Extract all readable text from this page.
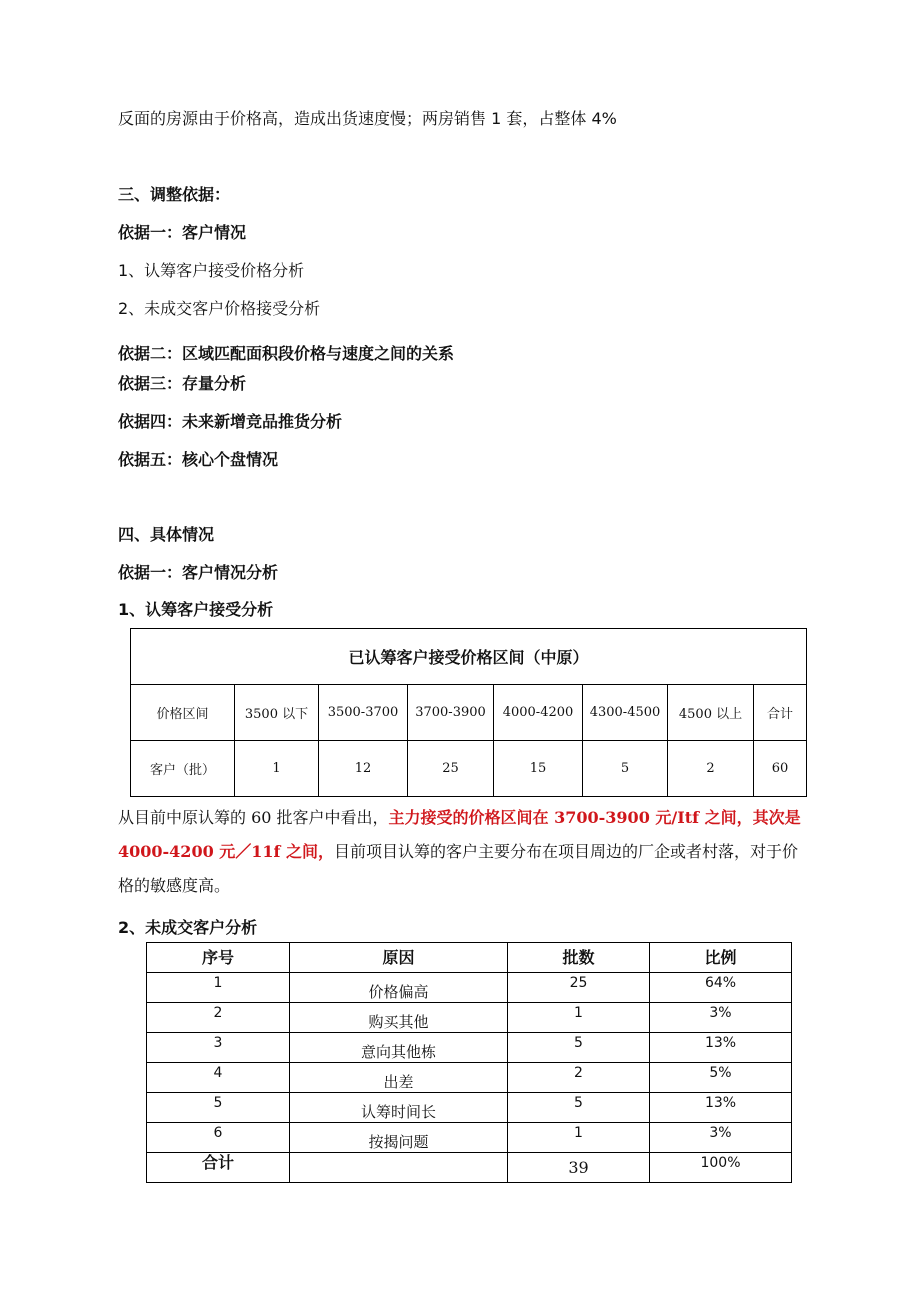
反面的房源由于价格高，造成出货速度慢；两房销售 1 套，占整体 4%
三、调整依据：
依据一：客户情况
1、认筹客户接受价格分析
2、未成交客户价格接受分析
依据二：区域匹配面积段价格与速度之间的关系
依据三：存量分析
依据四：未来新增竞品推货分析
依据五：核心个盘情况
四、具体情况
依据一：客户情况分析
1、认筹客户接受分析
已认筹客户接受价格区间（中原）							
价格区间	3500 以下	3500-3700	3700-3900	4000-4200	4300-4500	4500 以上	合计
客户（批）	1	12	25	15	5	2	60
从目前中原认筹的 60 批客户中看出，主力接受的价格区间在 3700-3900 元/Itf 之间，其次是 4000-4200 元／11f 之间，目前项目认筹的客户主要分布在项目周边的厂企或者村落，对于价格的敏感度高。
2、未成交客户分析
序号	原因	批数	比例
1	价格偏高	25	64%
2	购买其他	1	3%
3	意向其他栋	5	13%
4	出差	2	5%
5	认筹时间长	5	13%
6	按揭问题	1	3%
合计		39	100%
